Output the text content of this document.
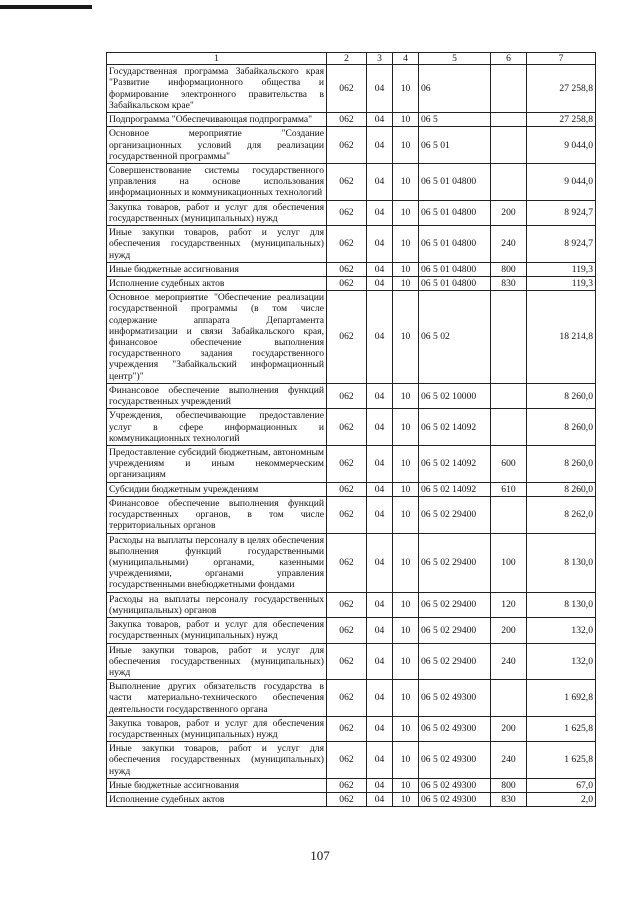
1	2	3	4	5	6	7
Государственная программа Забайкальского края "Развитие информационного общества и формирование электронного правительства в Забайкальском крае"	062	04	10	06		27 258,8
Подпрограмма "Обеспечивающая подпрограмма"	062	04	10	06 5		27 258,8
Основное мероприятие "Создание организационных условий для реализации государственной программы"	062	04	10	06 5 01		9 044,0
Совершенствование системы государственного управления на основе использования информационных и коммуникационных технологий	062	04	10	06 5 01 04800		9 044,0
Закупка товаров, работ и услуг для обеспечения государственных (муниципальных) нужд	062	04	10	06 5 01 04800	200	8 924,7
Иные закупки товаров, работ и услуг для обеспечения государственных (муниципальных) нужд	062	04	10	06 5 01 04800	240	8 924,7
Иные бюджетные ассигнования	062	04	10	06 5 01 04800	800	119,3
Исполнение судебных актов	062	04	10	06 5 01 04800	830	119,3
Основное мероприятие "Обеспечение реализации государственной программы (в том числе содержание аппарата Департамента информатизации и связи Забайкальского края, финансовое обеспечение выполнения государственного задания государственного учреждения "Забайкальский информационный центр")"	062	04	10	06 5 02		18 214,8
Финансовое обеспечение выполнения функций государственных учреждений	062	04	10	06 5 02 10000		8 260,0
Учреждения, обеспечивающие предоставление услуг в сфере информационных и коммуникационных технологий	062	04	10	06 5 02 14092		8 260,0
Предоставление субсидий бюджетным, автономным учреждениям и иным некоммерческим организациям	062	04	10	06 5 02 14092	600	8 260,0
Субсидии бюджетным учреждениям	062	04	10	06 5 02 14092	610	8 260,0
Финансовое обеспечение выполнения функций государственных органов, в том числе территориальных органов	062	04	10	06 5 02 29400		8 262,0
Расходы на выплаты персоналу в целях обеспечения выполнения функций государственными (муниципальными) органами, казенными учреждениями, органами управления государственными внебюджетными фондами	062	04	10	06 5 02 29400	100	8 130,0
Расходы на выплаты персоналу государственных (муниципальных) органов	062	04	10	06 5 02 29400	120	8 130,0
Закупка товаров, работ и услуг для обеспечения государственных (муниципальных) нужд	062	04	10	06 5 02 29400	200	132,0
Иные закупки товаров, работ и услуг для обеспечения государственных (муниципальных) нужд	062	04	10	06 5 02 29400	240	132,0
Выполнение других обязательств государства в части материально-технического обеспечения деятельности государственного органа	062	04	10	06 5 02 49300		1 692,8
Закупка товаров, работ и услуг для обеспечения государственных (муниципальных) нужд	062	04	10	06 5 02 49300	200	1 625,8
Иные закупки товаров, работ и услуг для обеспечения государственных (муниципальных) нужд	062	04	10	06 5 02 49300	240	1 625,8
Иные бюджетные ассигнования	062	04	10	06 5 02 49300	800	67,0
Исполнение судебных актов	062	04	10	06 5 02 49300	830	2,0
107
